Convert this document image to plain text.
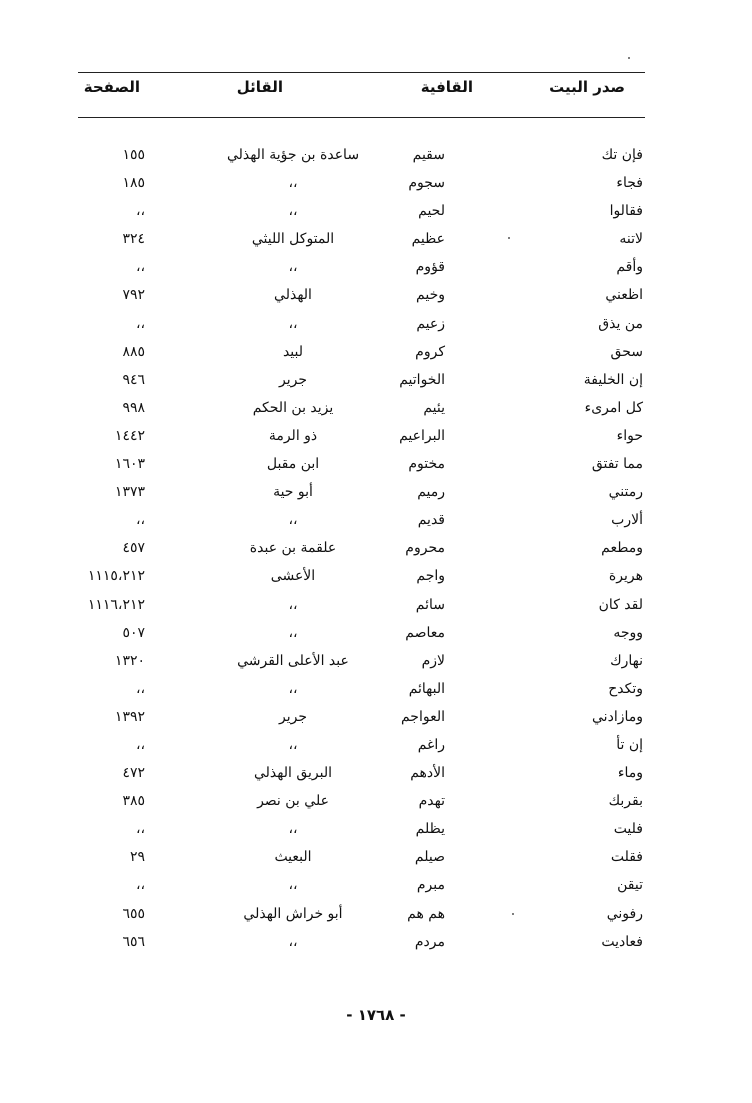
صدر البيت
القافية
القائل
الصفحة
فإن تك
سقيم
ساعدة بن جؤية الهذلي
١٥٥
فجاء
سجوم
،،
١٨٥
فقالوا
لحيم
،،
،،
لاتنه
عظيم
المتوكل الليثي
٣٢٤
وأقم
قؤوم
،،
،،
اظعني
وخيم
الهذلي
٧٩٢
من يذق
زعيم
،،
،،
سحق
كروم
لبيد
٨٨٥
إن الخليفة
الخواتيم
جرير
٩٤٦
كل امرىء
يئيم
يزيد بن الحكم
٩٩٨
حواء
البراعيم
ذو الرمة
١٤٤٢
مما تفتق
مختوم
ابن مقبل
١٦٠٣
رمتني
رميم
أبو حية
١٣٧٣
ألارب
قديم
،،
،،
ومطعم
محروم
علقمة بن عبدة
٤٥٧
هريرة
واجم
الأعشى
١١١٥،٢١٢
لقد كان
سائم
،،
١١١٦،٢١٢
ووجه
معاصم
،،
٥٠٧
نهارك
لازم
عبد الأعلى القرشي
١٣٢٠
وتكدح
البهائم
،،
،،
ومازادني
العواجم
جرير
١٣٩٢
إن تأ
راغم
،،
،،
وماء
الأدهم
البريق الهذلي
٤٧٢
بقربك
تهدم
علي بن نصر
٣٨٥
فليت
يظلم
،،
،،
فقلت
صيلم
البعيث
٢٩
تيقن
مبرم
،،
،،
رفوني
هم هم
أبو خراش الهذلي
٦٥٥
فعاديت
مردم
،،
٦٥٦
- ١٧٦٨ -
